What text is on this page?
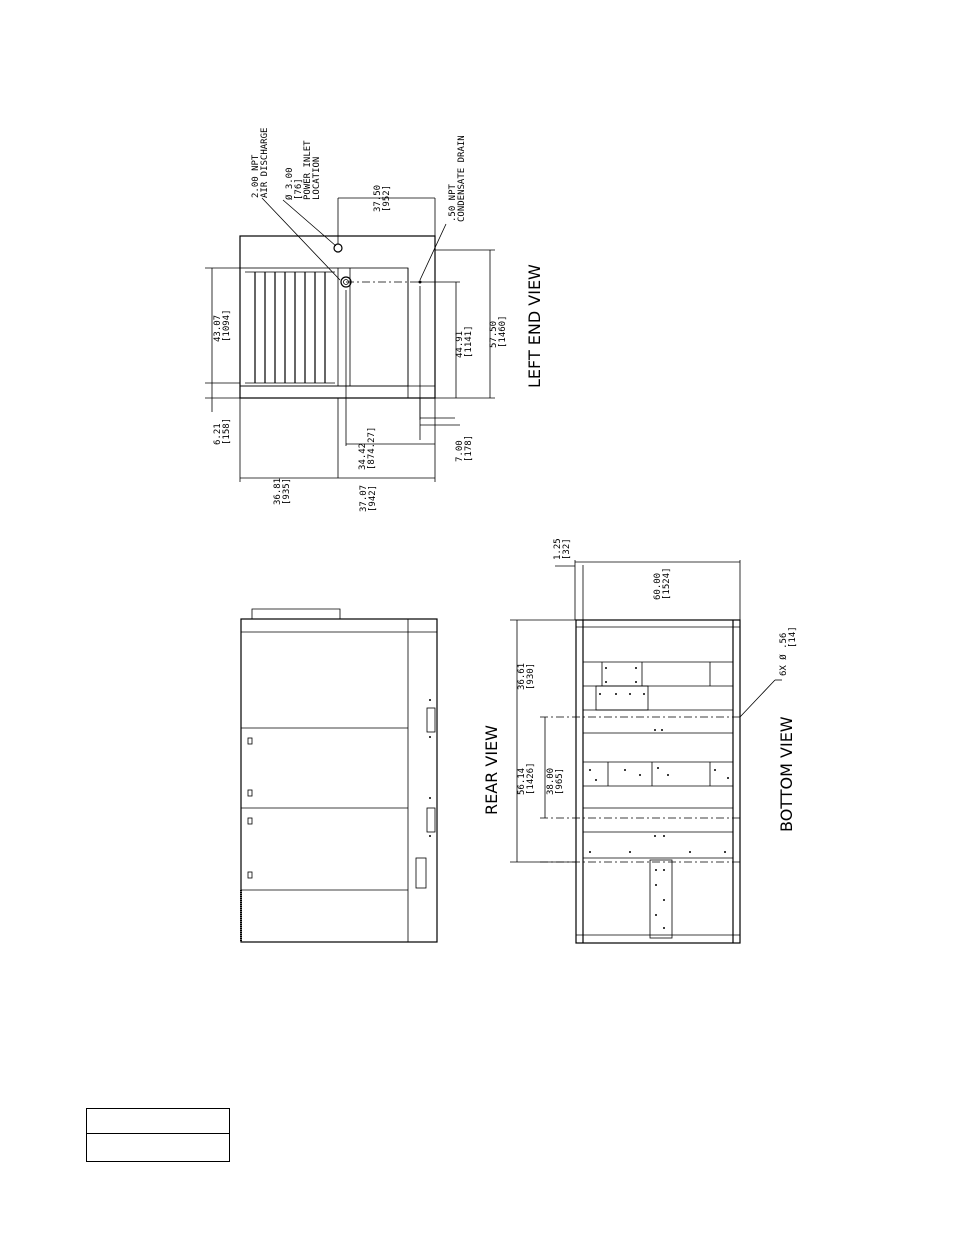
2.00 NPT AIR DISCHARGE Ø 3.00 [76] POWER INLET LOCATION
.50 NPT CONDENSATE DRAIN
37.50 [952]
43.07 [1094]
6.21 [158]
36.81 [935]	37.07 [942]
34.42 [874.27]
44.91 [1141]
7.00 [178]
57.50 [1460] LEFT END VIEW
REAR VIEW
1.25 [32]
60.00 [1524]
36.61 [930]
38.00 [965]
56.14 [1426]
6X Ø .56 [14]
BOTTOM VIEW
